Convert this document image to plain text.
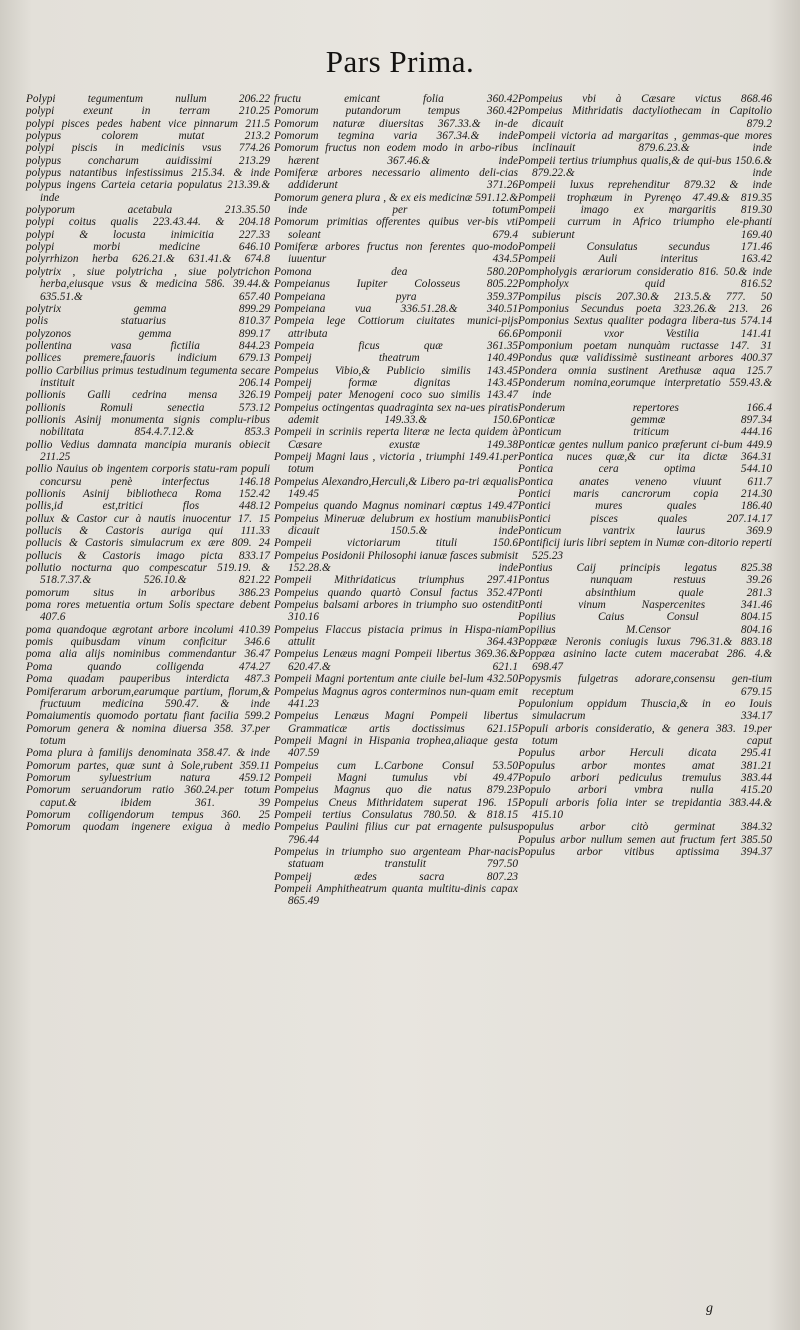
Pars Prima.

Polypi tegumentum nullum 206.22

polypi exeunt in terram 210.25

polypi pisces pedes habent vice pinnarum 211.5

polypus colorem mutat 213.2

polypi piscis in medicinis vsus 774.26

polypus concharum auidissimi 213.29

polypus natantibus infestissimus 215.34. & inde

polypus ingens Carteia cetaria populatus 213.39.& inde

polyporum acetabula 213.35.50

polypi coitus qualis 223.43.44. & 204.18

polypi & locusta inimicitia 227.33

polypi morbi medicine 646.10

polyrrhizon herba 626.21.& 631.41.& 674.8

polytrix , siue polytricha , siue polytrichon herba,eiusque vsus & medicina 586. 39.44.& 635.51.& 657.40

polytrix gemma 899.29

polis statuarius 810.37

polyzonos gemma 899.17

pollentina vasa fictilia 844.23

pollices premere,fauoris indicium 679.13

pollio Carbilius primus testudinum tegumenta secare instituit 206.14

pollionis Galli cedrina mensa 326.19

pollionis Romuli senectia 573.12

pollionis Asinij monumenta signis complu-ribus nobilitata 854.4.7.12.& 853.3

pollio Vedius damnata mancipia muranis obiecit 211.25

pollio Nauius ob ingentem corporis statu-ram populi concursu penè interfectus 146.18

pollionis Asinij bibliotheca Roma 152.42

pollis,id est,tritici flos 448.12

pollux & Castor cur à nautis inuocentur 17. 15

pollucis & Castoris auriga qui 111.33

pollucis & Castoris simulacrum ex ære 809. 24

pollucis & Castoris imago picta 833.17

pollutio nocturna quo compescatur 519.19. & 518.7.37.& 526.10.& 821.22

pomorum situs in arboribus 386.23

poma rores metuentia ortum Solis spectare debent 407.6

poma quandoque ægrotant arbore incolumi 410.39

pomis quibusdam vinum conficitur 346.6

poma alia alijs nominibus commendantur 36.47

Poma quando colligenda 474.27

Poma quadam pauperibus interdicta 487.3

Pomiferarum arborum,earumque partium, florum,& fructuum medicina 590.47. & inde

Pomaiumentis quomodo portatu fiant facilia 599.2

Pomorum genera & nomina diuersa 358. 37.per totum

Poma plura à familijs denominata 358.47. & inde

Pomorum partes, quæ sunt à Sole,rubent 359.11

Pomorum syluestrium natura 459.12

Pomorum seruandorum ratio 360.24.per totum caput.& ibidem 361. 39

Pomorum colligendorum tempus 360. 25

Pomorum quodam ingenere exigua à medio

fructu emicant folia 360.42

Pomorum putandorum tempus 360.42

Pomorum naturæ diuersitas 367.33.& in-de

Pomorum tegmina varia 367.34.& inde

Pomorum fructus non eodem modo in arbo-ribus hærent 367.46.& inde

Pomiferæ arbores necessario alimento deli-cias addiderunt 371.26

Pomorum genera plura , & ex eis medicinæ 591.12.& inde per totum

Pomorum primitias offerentes quibus ver-bis vti soleant 679.4

Pomiferæ arbores fructus non ferentes quo-modo iuuentur 434.5

Pomona dea 580.20

Pompeianus Iupiter Colosseus 805.22

Pompeiana pyra 359.37

Pompeiana vua 336.51.28.& 340.51

Pompeia lege Cottiorum ciuitates munici-pijs attributa 66.6

Pompeia ficus quæ 361.35

Pompeij theatrum 140.49

Pompeius Vibio,& Publicio similis 143.45

Pompeij formæ dignitas 143.45

Pompeij pater Menogeni coco suo similis 143.47

Pompeius octingentas quadraginta sex na-ues piratis ademit 149.33.& 150.6

Pompeii in scriniis reperta literæ ne lecta quidem à Cæsare exustæ 149.38

Pompeij Magni laus , victoria , triumphi 149.41.per totum

Pompeius Alexandro,Herculi,& Libero pa-tri æqualis 149.45

Pompeius quando Magnus nominari cœptus 149.47

Pompeius Mineruæ delubrum ex hostium manubiis dicauit 150.5.& inde

Pompeii victoriarum tituli 150.6

Pompeius Posidonii Philosophi ianuæ fasces submisit 152.28.& inde

Pompeii Mithridaticus triumphus 297.41

Pompeius quando quartò Consul factus 352.47

Pompeius balsami arbores in triumpho suo ostendit 310.16

Pompeius Flaccus pistacia primus in Hispa-niam attulit 364.43

Pompeius Lenæus magni Pompeii libertus 369.36.& 620.47.& 621.1

Pompeii Magni portentum ante ciuile bel-lum 432.50

Pompeius Magnus agros conterminos nun-quam emit 441.23

Pompeius Lenæus Magni Pompeii libertus Grammaticæ artis doctissimus 621.15

Pompeii Magni in Hispania trophea,aliaque gesta 407.59

Pompeius cum L.Carbone Consul 53.50

Pompeii Magni tumulus vbi 49.47

Pompeius Magnus quo die natus 879.23

Pompeius Cneus Mithridatem superat 196. 15

Pompeii tertius Consulatus 780.50. & 818.15

Pompeius Paulini filius cur pat ernagente pulsus 796.44

Pompeius in triumpho suo argenteam Phar-nacis statuam transtulit 797.50

Pompeij ædes sacra 807.23

Pompeii Amphitheatrum quanta multitu-dinis capax 865.49

Pompeius vbi à Cæsare victus 868.46

Pompeius Mithridatis dactyliothecam in Capitolio dicauit 879.2

Pompeii victoria ad margaritas , gemmas-que mores inclinauit 879.6.23.& inde

Pompeii tertius triumphus qualis,& de qui-bus 150.6.& 879.22.& inde

Pompeii luxus reprehenditur 879.32 & inde

Pompeii trophæum in Pyrenęo 47.49.& 819.35

Pompeii imago ex margaritis 819.30

Pompeii currum in Africo triumpho ele-phanti subierunt 169.40

Pompeii Consulatus secundus 171.46

Pompeii Auli interitus 163.42

Pompholygis ærariorum consideratio 816. 50.& inde

Pompholyx quid 816.52

Pompilus piscis 207.30.& 213.5.& 777. 50

Pomponius Secundus poeta 323.26.& 213. 26

Pomponius Sextus qualiter podagra libera-tus 574.14

Pomponii vxor Vestilia 141.41

Pomponium poetam nunquàm ructasse 147. 31

Pondus quæ validissimè sustineant arbores 400.37

Pondera omnia sustinent Arethusæ aqua 125.7

Ponderum nomina,eorumque interpretatio 559.43.& inde

Ponderum repertores 166.4

Ponticæ gemmæ 897.34

Ponticum triticum 444.16

Ponticæ gentes nullum panico præferunt ci-bum 449.9

Pontica nuces quæ,& cur ita dictæ 364.31

Pontica cera optima 544.10

Pontica anates veneno viuunt 611.7

Pontici maris cancrorum copia 214.30

Pontici mures quales 186.40

Pontici pisces quales 207.14.17

Ponticum vantrix laurus 369.9

Pontificij iuris libri septem in Numæ con-ditorio reperti 525.23

Pontius Caij principis legatus 825.38

Pontus nunquam restuus 39.26

Ponti absinthium quale 281.3

Ponti vinum Naspercenites 341.46

Popilius Caius Consul 804.15

Popilius M.Censor 804.16

Poppææ Neronis coniugis luxus 796.31.& 883.18

Poppæa asinino lacte cutem macerabat 286. 4.& 698.47

Popysmis fulgetras adorare,consensu gen-tium receptum 679.15

Populonium oppidum Thuscia,& in eo Iouis simulacrum 334.17

Populi arboris consideratio, & genera 383. 19.per totum caput

Populus arbor Herculi dicata 295.41

Populus arbor montes amat 381.21

Populo arbori pediculus tremulus 383.44

Populo arbori vmbra nulla 415.20

Populi arboris folia inter se trepidantia 383.44.& 415.10

populus arbor citò germinat 384.32

Populus arbor nullum semen aut fructum fert 385.50

Populus arbor vitibus aptissima 394.37

g
